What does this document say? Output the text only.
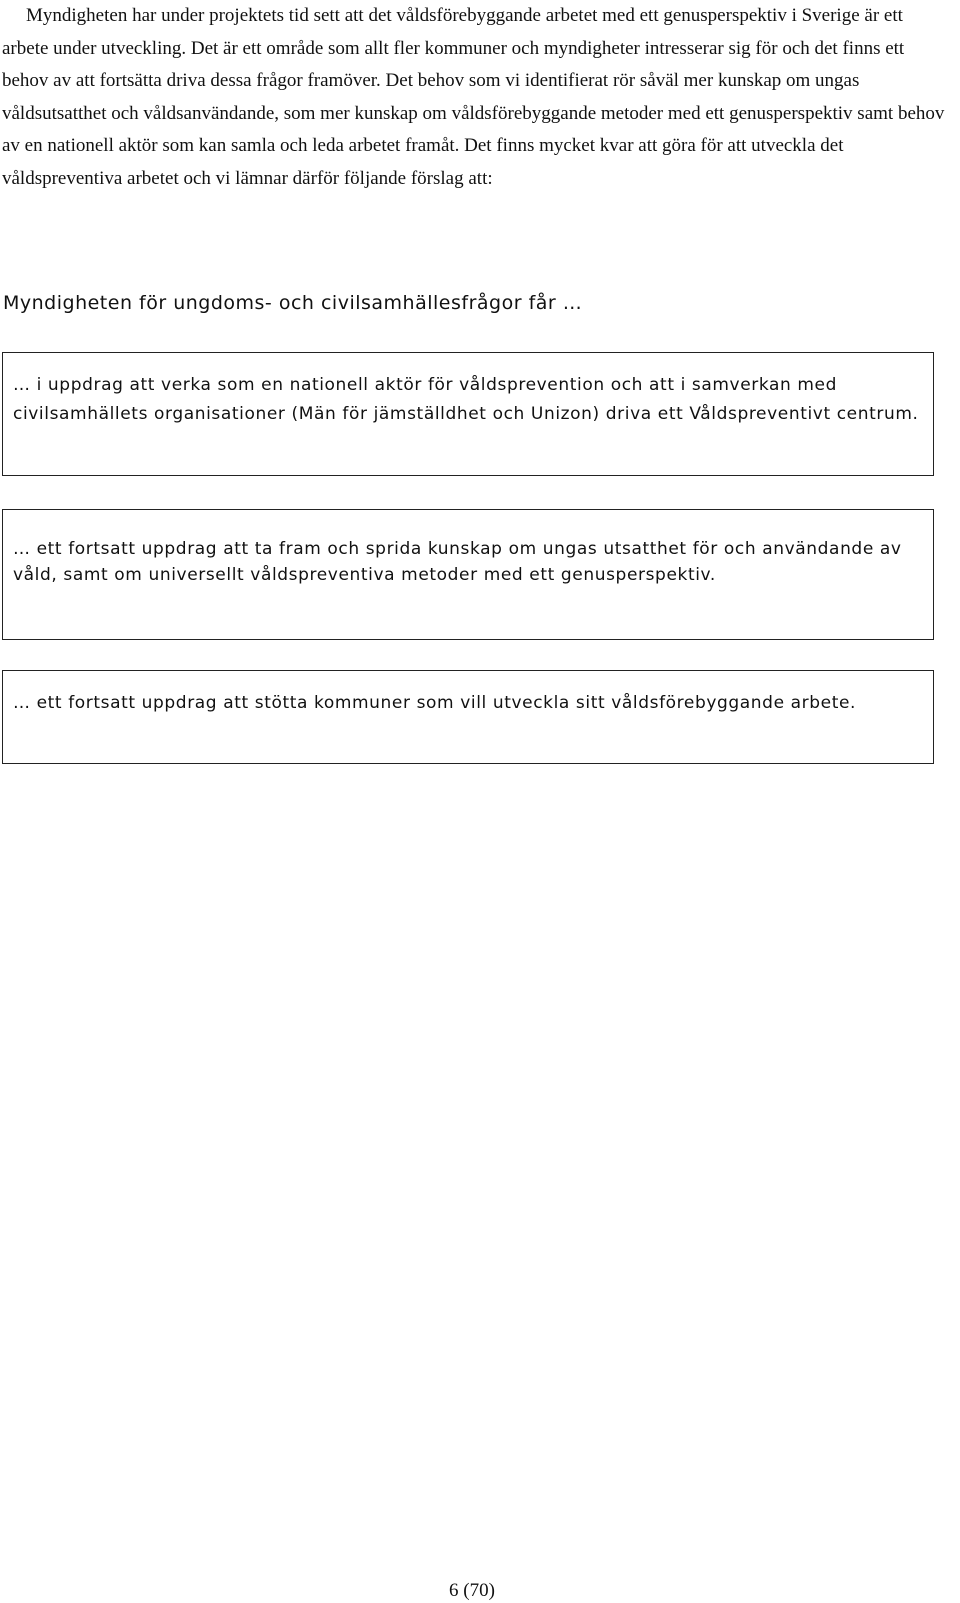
Myndigheten har under projektets tid sett att det våldsförebyggande arbetet med ett genusperspektiv i Sverige är ett arbete under utveckling. Det är ett område som allt fler kommuner och myndigheter intresserar sig för och det finns ett behov av att fortsätta driva dessa frågor framöver. Det behov som vi identifierat rör såväl mer kunskap om ungas våldsutsatthet och våldsanvändande, som mer kunskap om våldsförebyggande metoder med ett genusperspektiv samt behov av en nationell aktör som kan samla och leda arbetet framåt. Det finns mycket kvar att göra för att utveckla det våldspreventiva arbetet och vi lämnar därför följande förslag att:

Myndigheten för ungdoms- och civilsamhällesfrågor får …

… i uppdrag att verka som en nationell aktör för våldsprevention och att i samverkan med civilsamhällets organisationer (Män för jämställdhet och Unizon) driva ett Våldspreventivt centrum.

… ett fortsatt uppdrag att ta fram och sprida kunskap om ungas utsatthet för och användande av våld, samt om universellt våldspreventiva metoder med ett genusperspektiv.

… ett fortsatt uppdrag att stötta kommuner som vill utveckla sitt våldsförebyggande arbete.

6 (70)
